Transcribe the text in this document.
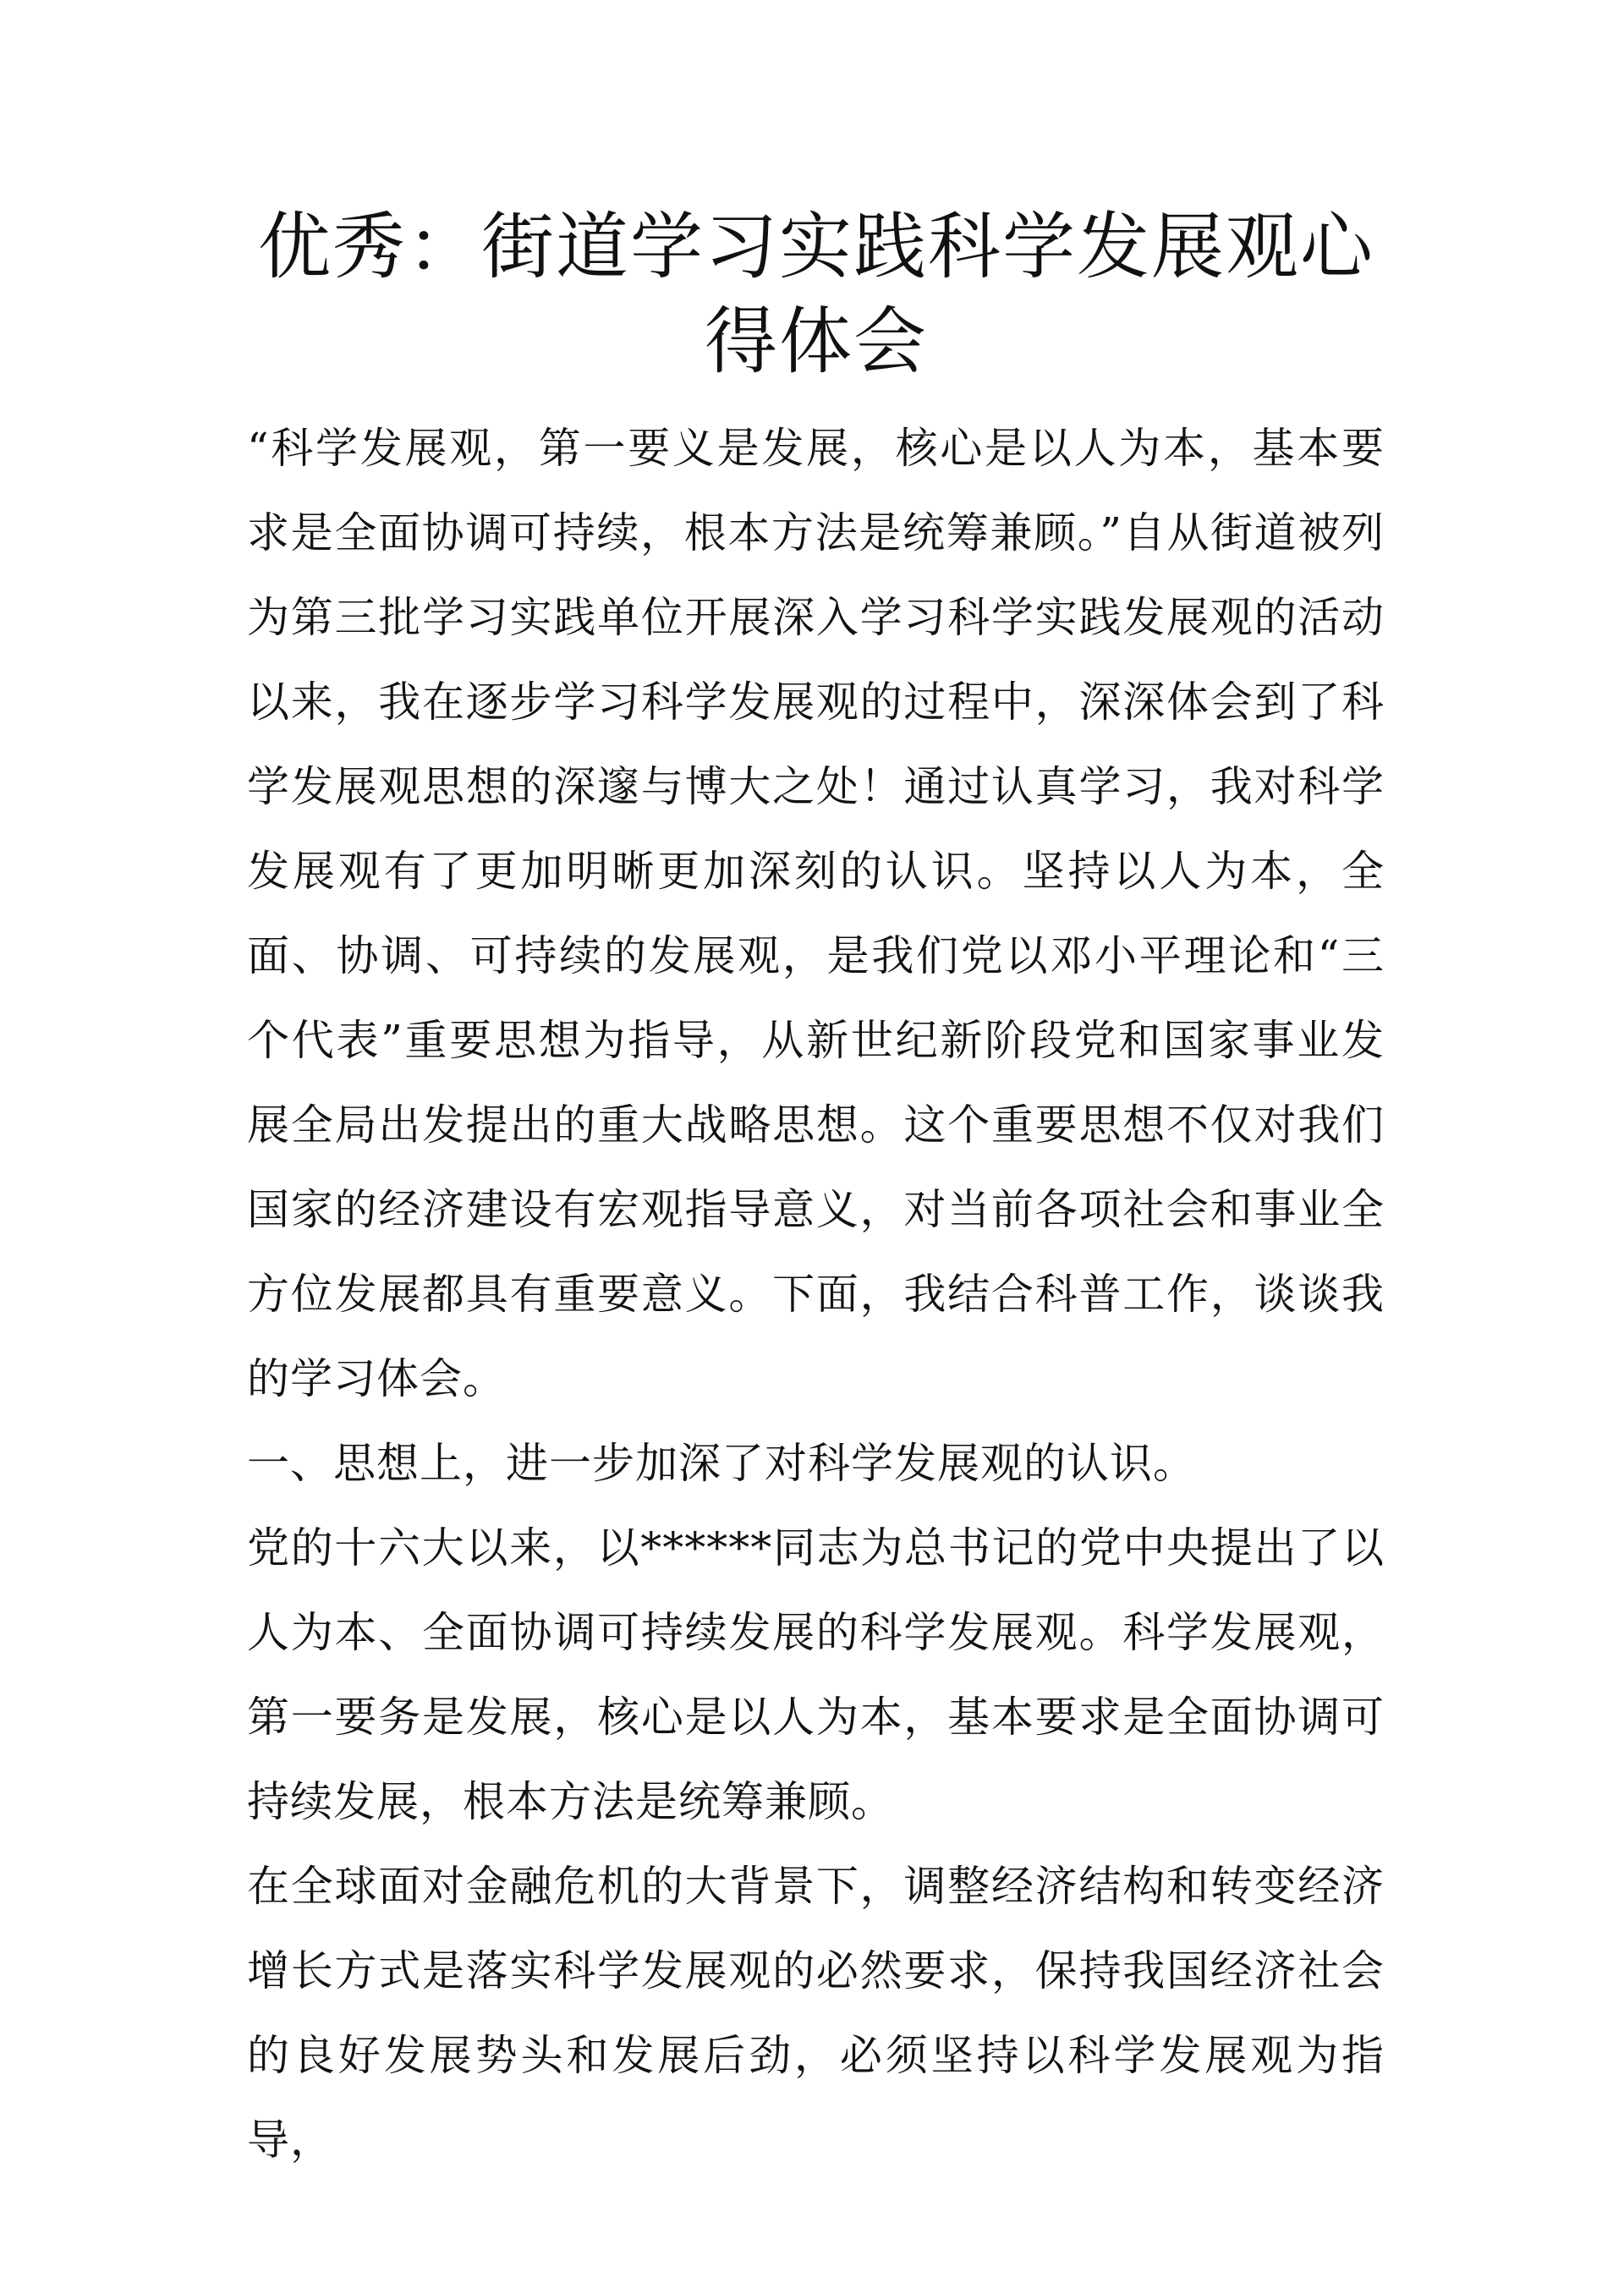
优秀：街道学习实践科学发展观心得体会

“科学发展观，第一要义是发展，核心是以人为本，基本要求是全面协调可持续，根本方法是统筹兼顾。”自从街道被列为第三批学习实践单位开展深入学习科学实践发展观的活动以来，我在逐步学习科学发展观的过程中，深深体会到了科学发展观思想的深邃与博大之处！通过认真学习，我对科学发展观有了更加明晰更加深刻的认识。坚持以人为本，全面、协调、可持续的发展观，是我们党以邓小平理论和“三个代表”重要思想为指导，从新世纪新阶段党和国家事业发展全局出发提出的重大战略思想。这个重要思想不仅对我们国家的经济建设有宏观指导意义，对当前各项社会和事业全方位发展都具有重要意义。下面，我结合科普工作，谈谈我的学习体会。

一、思想上，进一步加深了对科学发展观的认识。

党的十六大以来，以******同志为总书记的党中央提出了以人为本、全面协调可持续发展的科学发展观。科学发展观，第一要务是发展，核心是以人为本，基本要求是全面协调可持续发展，根本方法是统筹兼顾。

在全球面对金融危机的大背景下，调整经济结构和转变经济增长方式是落实科学发展观的必然要求，保持我国经济社会的良好发展势头和发展后劲，必须坚持以科学发展观为指导，
